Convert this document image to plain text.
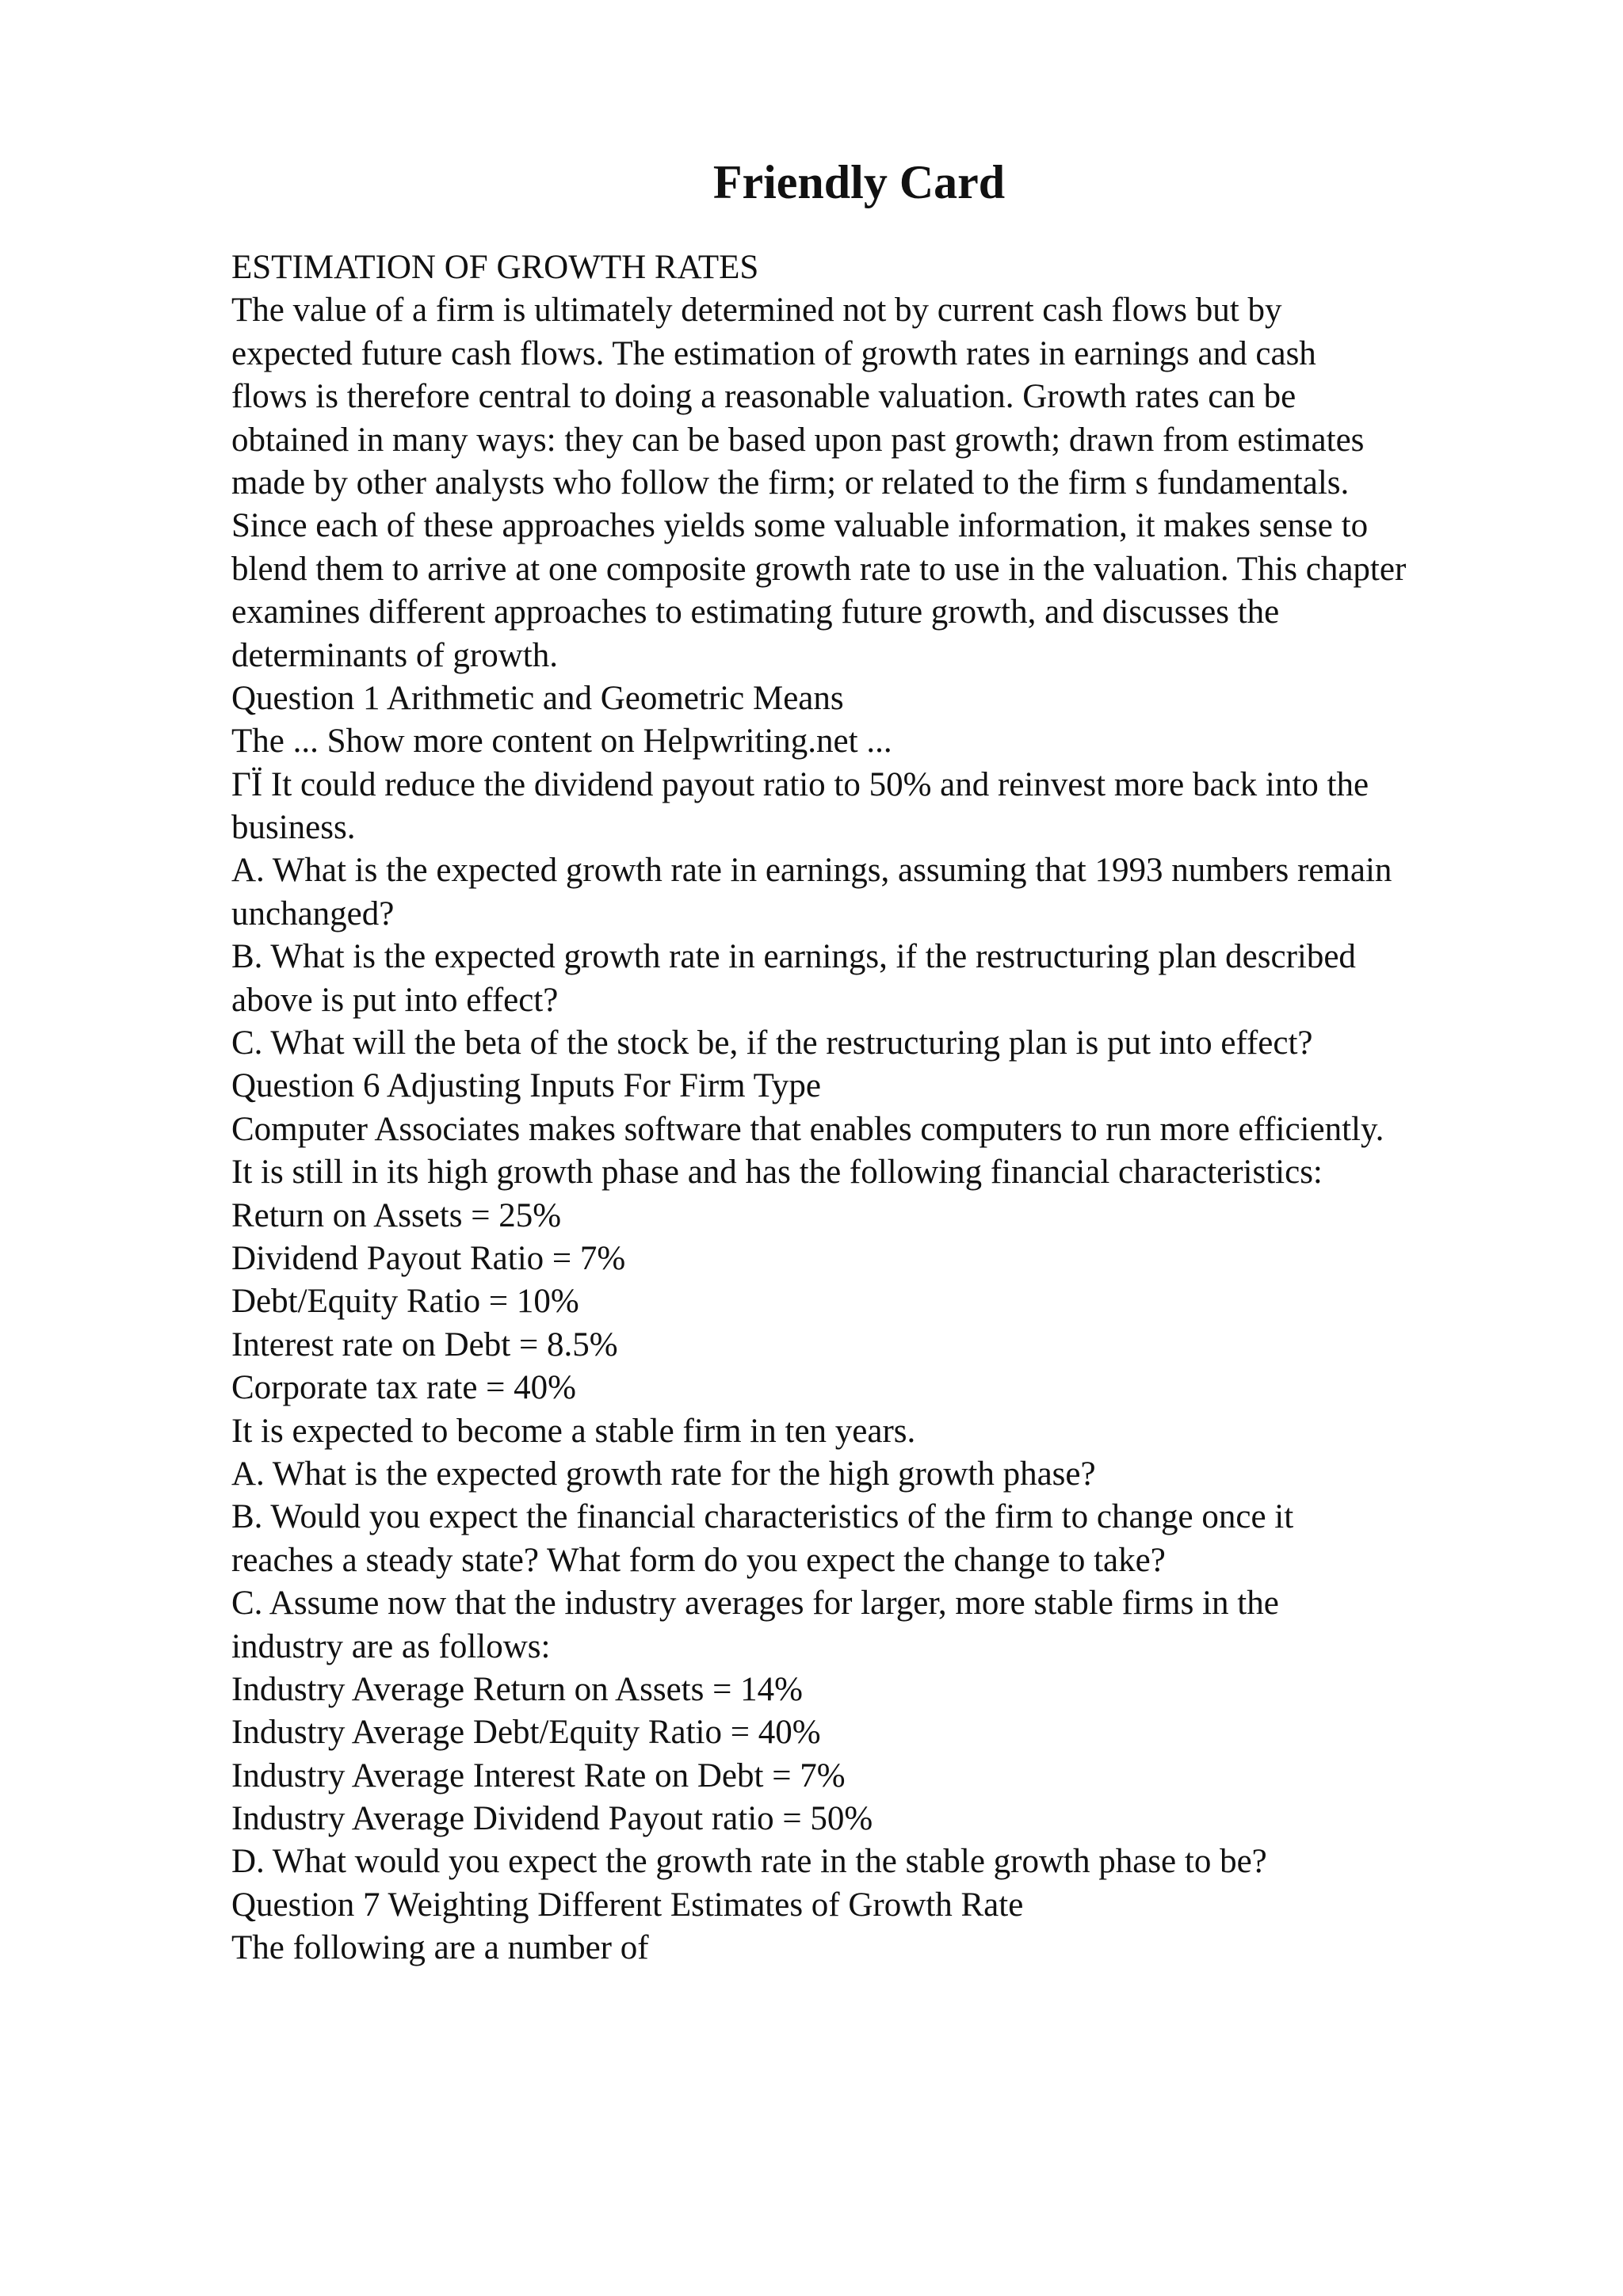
Friendly Card
ESTIMATION OF GROWTH RATES
The value of a firm is ultimately determined not by current cash flows but by
expected future cash flows. The estimation of growth rates in earnings and cash
flows is therefore central to doing a reasonable valuation. Growth rates can be
obtained in many ways: they can be based upon past growth; drawn from estimates
made by other analysts who follow the firm; or related to the firm s fundamentals.
Since each of these approaches yields some valuable information, it makes sense to
blend them to arrive at one composite growth rate to use in the valuation. This chapter
examines different approaches to estimating future growth, and discusses the
determinants of growth.
Question 1 Arithmetic and Geometric Means
The ... Show more content on Helpwriting.net ...
ΓЇ It could reduce the dividend payout ratio to 50% and reinvest more back into the
business.
A. What is the expected growth rate in earnings, assuming that 1993 numbers remain
unchanged?
B. What is the expected growth rate in earnings, if the restructuring plan described
above is put into effect?
C. What will the beta of the stock be, if the restructuring plan is put into effect?
Question 6 Adjusting Inputs For Firm Type
Computer Associates makes software that enables computers to run more efficiently.
It is still in its high growth phase and has the following financial characteristics:
Return on Assets = 25%
Dividend Payout Ratio = 7%
Debt/Equity Ratio = 10%
Interest rate on Debt = 8.5%
Corporate tax rate = 40%
It is expected to become a stable firm in ten years.
A. What is the expected growth rate for the high growth phase?
B. Would you expect the financial characteristics of the firm to change once it
reaches a steady state? What form do you expect the change to take?
C. Assume now that the industry averages for larger, more stable firms in the
industry are as follows:
Industry Average Return on Assets = 14%
Industry Average Debt/Equity Ratio = 40%
Industry Average Interest Rate on Debt = 7%
Industry Average Dividend Payout ratio = 50%
D. What would you expect the growth rate in the stable growth phase to be?
Question 7 Weighting Different Estimates of Growth Rate
The following are a number of
